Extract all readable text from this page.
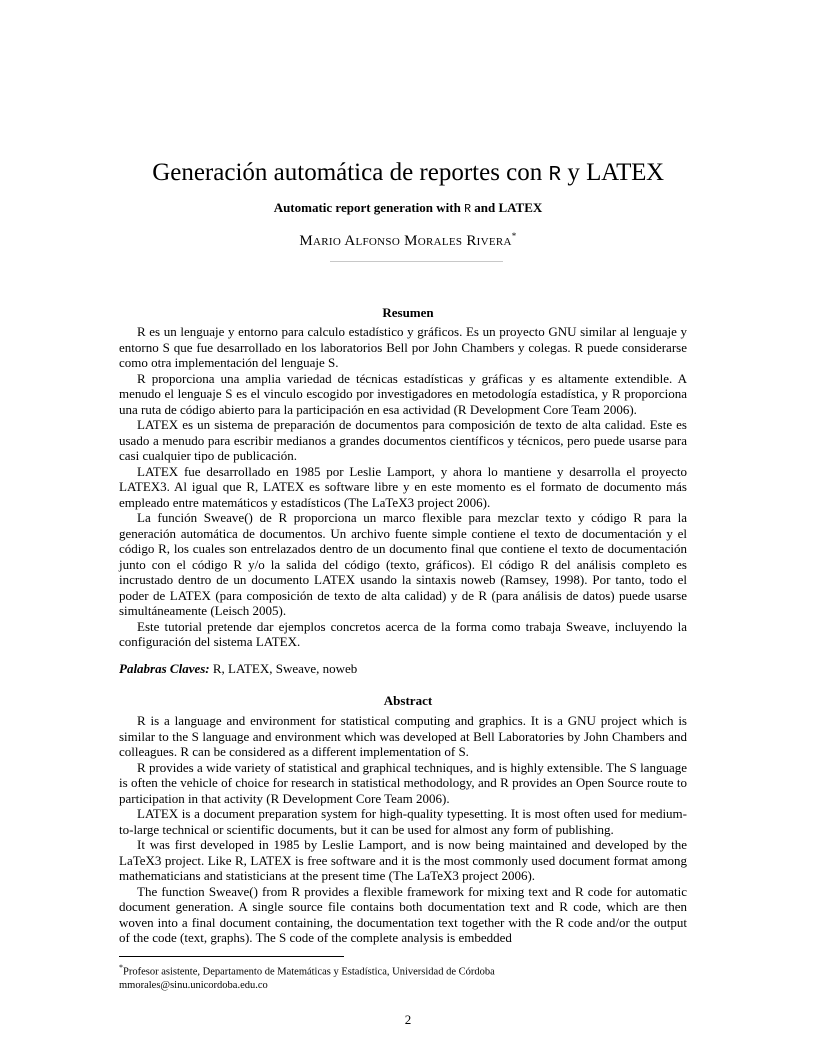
Generación automática de reportes con R y LATEX
Automatic report generation with R and LATEX
Mario Alfonso Morales Rivera*
Resumen

R es un lenguaje y entorno para calculo estadístico y gráficos. Es un proyecto GNU similar al lenguaje y entorno S que fue desarrollado en los laboratorios Bell por John Chambers y colegas. R puede considerarse como otra implementación del lenguaje S.

R proporciona una amplia variedad de técnicas estadísticas y gráficas y es altamente extendible. A menudo el lenguaje S es el vinculo escogido por investigadores en metodología estadística, y R proporciona una ruta de código abierto para la participación en esa actividad (R Development Core Team 2006).

LATEX es un sistema de preparación de documentos para composición de texto de alta calidad. Este es usado a menudo para escribir medianos a grandes documentos científicos y técnicos, pero puede usarse para casi cualquier tipo de publicación.

LATEX fue desarrollado en 1985 por Leslie Lamport, y ahora lo mantiene y desarrolla el proyecto LATEX3. Al igual que R, LATEX es software libre y en este momento es el formato de documento más empleado entre matemáticos y estadísticos (The LaTeX3 project 2006).

La función Sweave() de R proporciona un marco flexible para mezclar texto y código R para la generación automática de documentos. Un archivo fuente simple contiene el texto de documentación y el código R, los cuales son entrelazados dentro de un documento final que contiene el texto de documentación junto con el código R y/o la salida del código (texto, gráficos). El código R del análisis completo es incrustado dentro de un documento LATEX usando la sintaxis noweb (Ramsey, 1998). Por tanto, todo el poder de LATEX (para composición de texto de alta calidad) y de R (para análisis de datos) puede usarse simultáneamente (Leisch 2005).

Este tutorial pretende dar ejemplos concretos acerca de la forma como trabaja Sweave, incluyendo la configuración del sistema LATEX.

Palabras Claves: R, LATEX, Sweave, noweb
Abstract

R is a language and environment for statistical computing and graphics. It is a GNU project which is similar to the S language and environment which was developed at Bell Laboratories by John Chambers and colleagues. R can be considered as a different implementation of S.

R provides a wide variety of statistical and graphical techniques, and is highly extensible. The S language is often the vehicle of choice for research in statistical methodology, and R provides an Open Source route to participation in that activity (R Development Core Team 2006).

LATEX is a document preparation system for high-quality typesetting. It is most often used for medium-to-large technical or scientific documents, but it can be used for almost any form of publishing.

It was first developed in 1985 by Leslie Lamport, and is now being maintained and developed by the LaTeX3 project. Like R, LATEX is free software and it is the most commonly used document format among mathematicians and statisticians at the present time (The LaTeX3 project 2006).

The function Sweave() from R provides a flexible framework for mixing text and R code for automatic document generation. A single source file contains both documentation text and R code, which are then woven into a final document containing, the documentation text together with the R code and/or the output of the code (text, graphs). The S code of the complete analysis is embedded

*Profesor asistente, Departamento de Matemáticas y Estadística, Universidad de Córdoba
mmorales@sinu.unicordoba.edu.co
2
